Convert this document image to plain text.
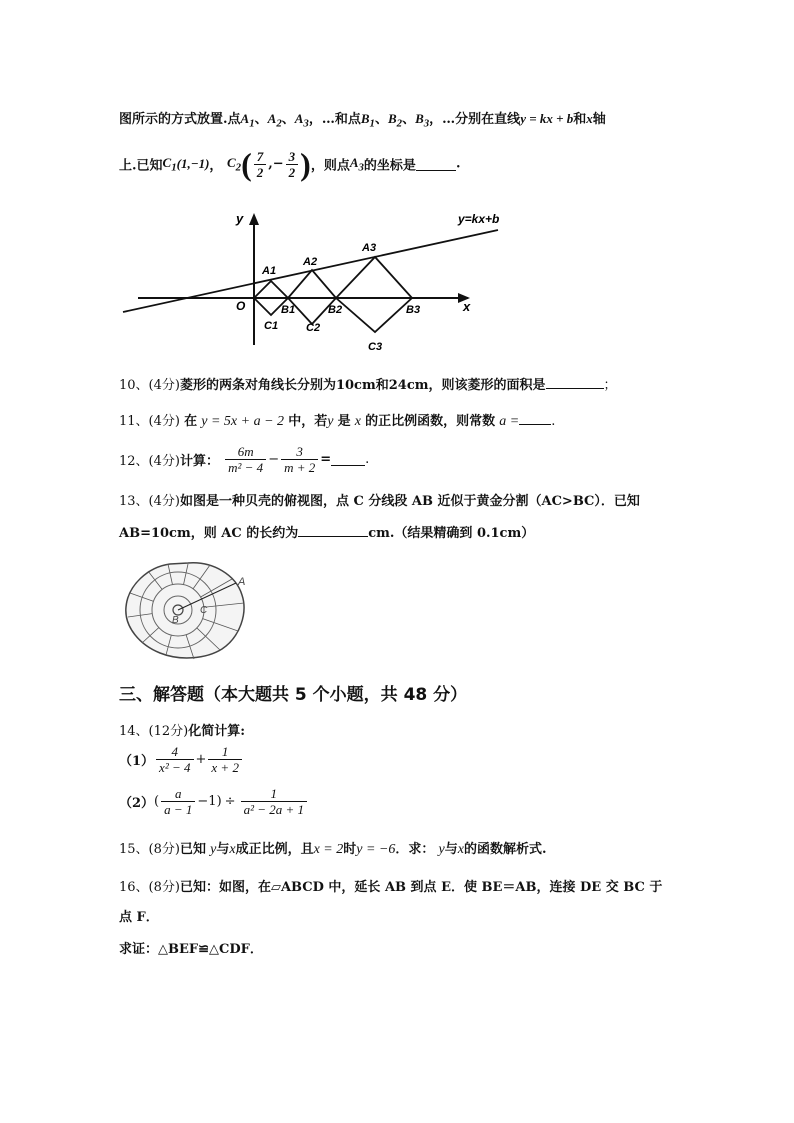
图所示的方式放置.点$A_1$、$A_2$、$A_3$，…和点$B_1$、$B_2$、$B_3$，…分别在直线y = kx + b和x轴
上.已知$C_1(1,-1)$， $C_2( \frac{7}{2}$ ,− $\frac{3}{2}$ )，则点$A_3$的坐标是	.
y
x
y=kx+b
O
A1
A2
A3
B1	B2	B3
C1	C2
C3
10、(4分)菱形的两条对角线长分别为10cm和24cm，则该菱形的面积是	；
11、(4分) 在 y = 5x + a − 2 中，若y 是 x 的正比例函数，则常数 a = .
12、(4分)计算： $\frac{6m}{\text{m² − 4}} - \frac{3}{m + 2}$ =	.
13、(4分)如图是一种贝壳的俯视图，点 C 分线段 AB 近似于黄金分割（AC>BC）．已知
AB=10cm，则 AC 的长约为	cm.（结果精确到 0.1cm）
A
B
C
三、解答题（本大题共 5 个小题，共 48 分）
14、(12分)化简计算:
$(1) \frac{4}{\text{x² − 4}} + \frac{1}{x + 2}$
$(2)( \frac{a}{a - 1} -1) \div \frac{1}{\text{a² − 2a + 1}}$
15、(8分)已知 y与x成正比例，且x = 2时y = −6．求： y与x的函数解析式.
16、(8分)已知：如图，在▱ABCD 中，延长 AB 到点 E．使 BE＝AB，连接 DE 交 BC 于
点 F．
求证：△BEF≌△CDF．
